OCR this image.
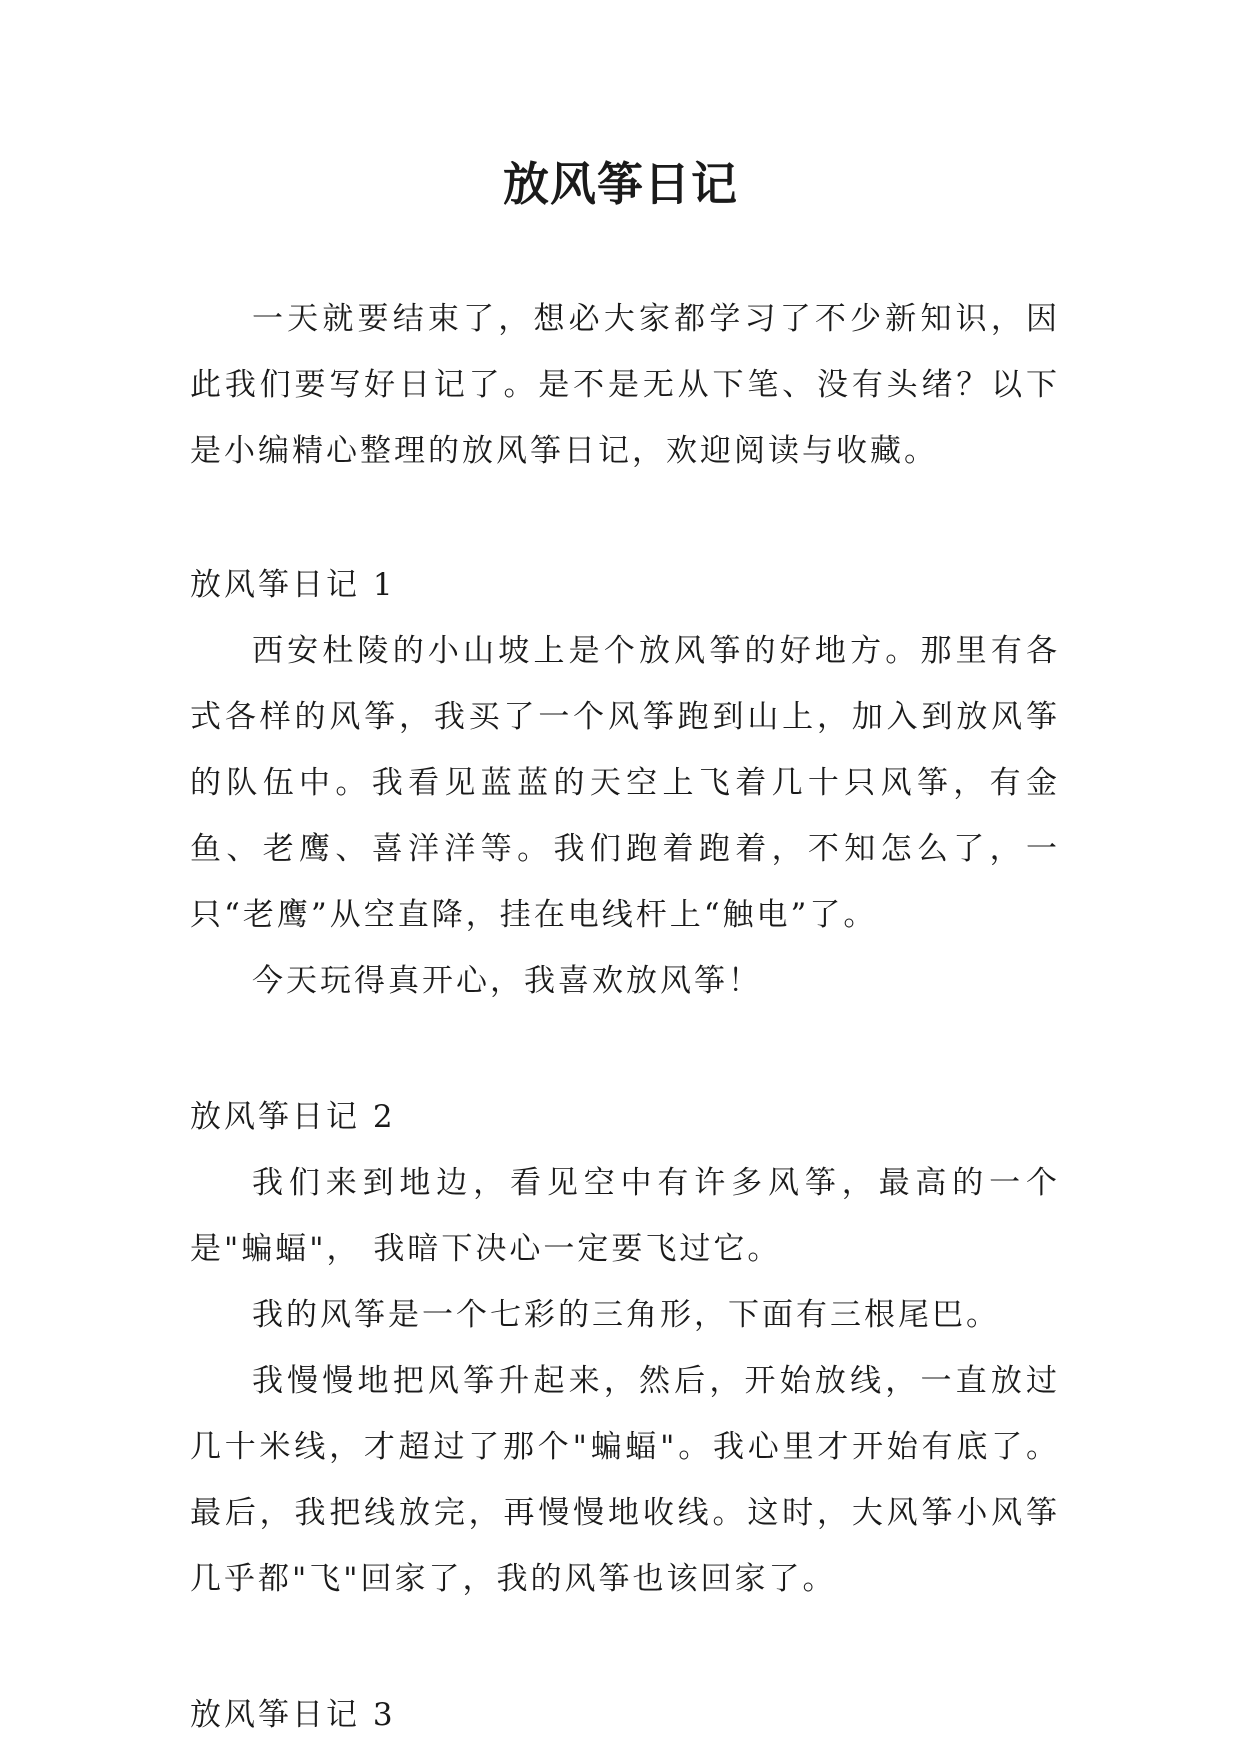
放风筝日记

一天就要结束了，想必大家都学习了不少新知识，因此我们要写好日记了。是不是无从下笔、没有头绪？以下是小编精心整理的放风筝日记，欢迎阅读与收藏。

放风筝日记 1

西安杜陵的小山坡上是个放风筝的好地方。那里有各式各样的风筝，我买了一个风筝跑到山上，加入到放风筝的队伍中。我看见蓝蓝的天空上飞着几十只风筝，有金鱼、老鹰、喜洋洋等。我们跑着跑着，不知怎么了，一只“老鹰”从空直降，挂在电线杆上“触电”了。

今天玩得真开心，我喜欢放风筝！

放风筝日记 2

我们来到地边，看见空中有许多风筝，最高的一个是"蝙蝠"， 我暗下决心一定要飞过它。

我的风筝是一个七彩的三角形，下面有三根尾巴。

我慢慢地把风筝升起来，然后，开始放线，一直放过几十米线，才超过了那个"蝙蝠"。我心里才开始有底了。 最后，我把线放完，再慢慢地收线。这时，大风筝小风筝几乎都"飞"回家了，我的风筝也该回家了。

放风筝日记 3
